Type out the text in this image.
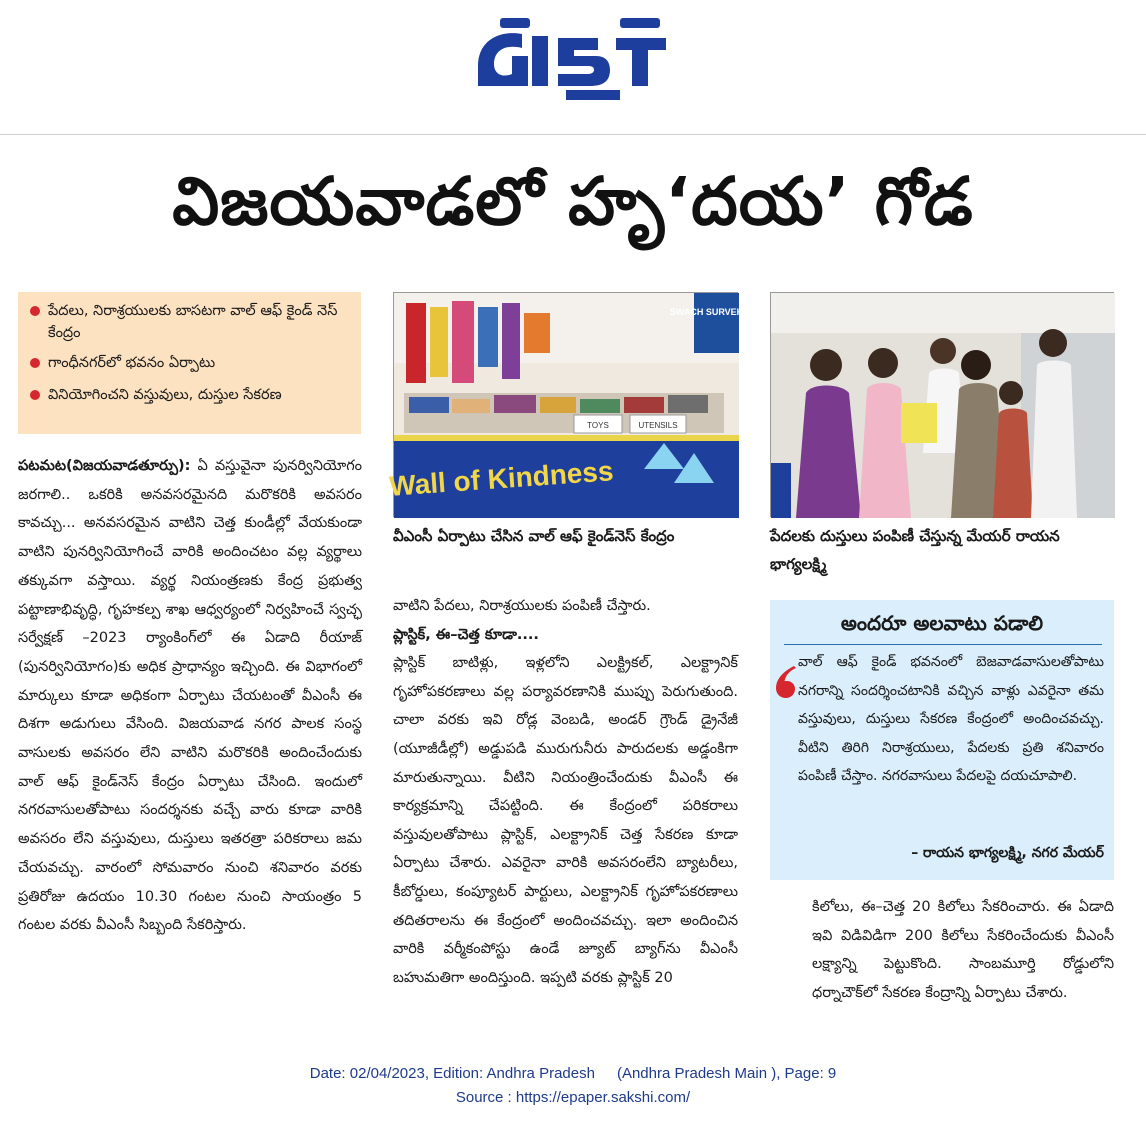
విజయవాడలో హృ‘దయ’ గోడ
పేదలు, నిరాశ్రయులకు బాసటగా వాల్‌ ఆఫ్‌ కైండ్‌ నెస్‌ కేంద్రం
గాంధీనగర్‌లో భవనం ఏర్పాటు
వినియోగించని వస్తువులు, దుస్తుల సేకరణ
పటమట(విజయవాడతూర్పు): ఏ వస్తువైనా పునర్వినియోగం జరగాలి.. ఒకరికి అనవసరమైనది మరొకరికి అవసరం కావచ్చు... అనవసరమైన వాటిని చెత్త కుండీల్లో వేయకుండా వాటిని పునర్వినియోగించే వారికి అందించటం వల్ల వ్యర్థాలు తక్కువగా వస్తాయి. వ్యర్థ నియంత్రణకు కేంద్ర ప్రభుత్వ పట్టాణాభివృద్ధి, గృహకల్ప శాఖ ఆధ్వర్యంలో నిర్వహించే స్వచ్ఛ సర్వేక్షణ్‌ –2023 ర్యాంకింగ్‌లో ఈ ఏడాది రీయాజ్‌ (పునర్వినియోగం)కు అధిక ప్రాధాన్యం ఇచ్చింది. ఈ విభాగంలో మార్కులు కూడా అధికంగా ఏర్పాటు చేయటంతో వీఎంసీ ఈ దిశగా అడుగులు వేసింది. విజయవాడ నగర పాలక సంస్థ వాసులకు అవసరం లేని వాటిని మరొకరికి అందించేందుకు వాల్‌ ఆఫ్‌ కైండ్‌నెస్‌ కేంద్రం ఏర్పాటు చేసింది. ఇందులో నగరవాసులతోపాటు సందర్శనకు వచ్చే వారు కూడా వారికి అవసరం లేని వస్తువులు, దుస్తులు ఇతరత్రా పరికరాలు జమ చేయవచ్చు. వారంలో సోమవారం నుంచి శనివారం వరకు ప్రతిరోజు ఉదయం 10.30 గంటల నుంచి సాయంత్రం 5 గంటల వరకు వీఎంసీ సిబ్బంది సేకరిస్తారు.
SWACH SURVEKSHA
TOYS	UTENSILS
Wall of Kindness
వీఎంసీ ఏర్పాటు చేసిన వాల్‌ ఆఫ్‌ కైండ్‌నెస్‌ కేంద్రం	పేదలకు దుస్తులు పంపిణీ చేస్తున్న మేయర్‌ రాయన భాగ్యలక్ష్మి
వాటిని పేదలు, నిరాశ్రయులకు పంపిణీ చేస్తారు.
ప్లాస్టిక్, ఈ–చెత్త కూడా....
ప్లాస్టిక్‌ బాటిళ్లు, ఇళ్లలోని ఎలక్ట్రికల్, ఎలక్ట్రానిక్‌ గృహోపకరణాలు వల్ల పర్యావరణానికి ముప్పు పెరుగుతుంది. చాలా వరకు ఇవి రోడ్ల వెంబడి, అండర్‌ గ్రౌండ్‌ డ్రైనేజీ (యూజీడీల్లో) అడ్డుపడి మురుగునీరు పారుదలకు అడ్డంకిగా మారుతున్నాయి. వీటిని నియంత్రించేందుకు వీఎంసీ ఈ కార్యక్రమాన్ని చేపట్టింది. ఈ కేంద్రంలో పరికరాలు వస్తువులతోపాటు ప్లాస్టిక్, ఎలక్ట్రానిక్‌ చెత్త సేకరణ కూడా ఏర్పాటు చేశారు. ఎవరైనా వారికి అవసరంలేని బ్యాటరీలు, కీబోర్డులు, కంప్యూటర్‌ పార్టులు, ఎలక్ట్రానిక్‌ గృహోపకరణాలు తదితరాలను ఈ కేంద్రంలో అందించవచ్చు. ఇలా అందించిన వారికి వర్మీకంపోస్టు ఉండే జ్యూట్‌ బ్యాగ్‌ను వీఎంసీ బహుమతిగా అందిస్తుంది. ఇప్పటి వరకు ప్లాస్టిక్‌ 20
అందరూ అలవాటు పడాలి
వాల్‌ ఆఫ్‌ కైండ్‌ భవనంలో బెజవాడవాసులతోపాటు నగరాన్ని సందర్శించటానికి వచ్చిన వాళ్లు ఎవరైనా తమ వస్తువులు, దుస్తులు సేకరణ కేంద్రంలో అందించవచ్చు. వీటిని తిరిగి నిరాశ్రయులు, పేదలకు ప్రతి శనివారం పంపిణీ చేస్తాం. నగరవాసులు పేదలపై దయచూపాలి.
– రాయన భాగ్యలక్ష్మి, నగర మేయర్‌
కిలోలు, ఈ–చెత్త 20 కిలోలు సేకరించారు. ఈ ఏడాది ఇవి విడివిడిగా 200 కిలోలు సేకరించేందుకు వీఎంసీ లక్ష్యాన్ని పెట్టుకొంది. సాంబమూర్తి రోడ్డులోని ధర్నాచౌక్‌లో సేకరణ కేంద్రాన్ని ఏర్పాటు చేశారు.
Date: 02/04/2023, Edition: Andhra Pradesh (Andhra Pradesh Main ), Page: 9
Source : https://epaper.sakshi.com/
